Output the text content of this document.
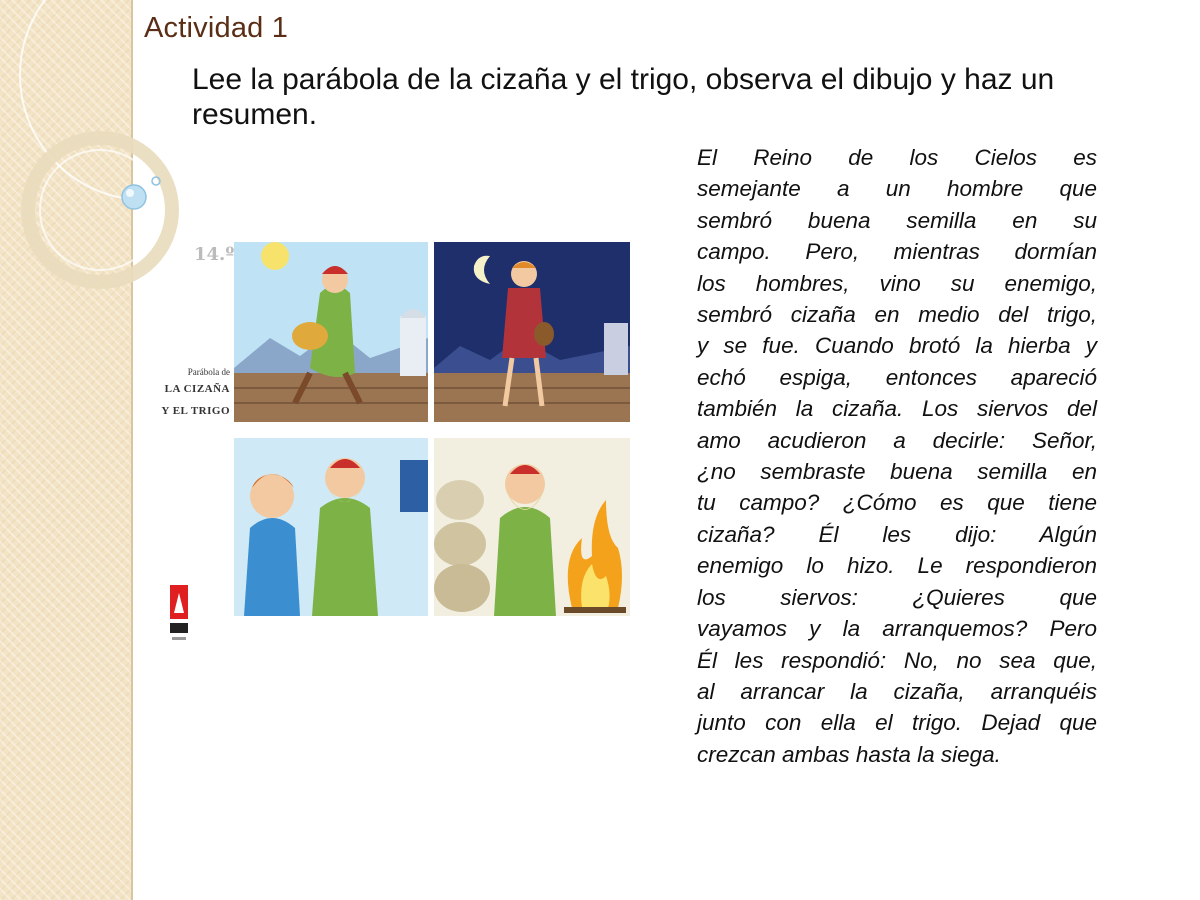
Actividad 1
Lee la parábola de la cizaña y el trigo, observa el dibujo y haz un resumen.
14.º
Parábola de
LA CIZAÑA
Y EL TRIGO
El Reino de los Cielos es
semejante a un hombre que
sembró buena semilla en su
campo. Pero, mientras dormían
los hombres, vino su enemigo,
sembró cizaña en medio del trigo,
y se fue. Cuando brotó la hierba y
echó espiga, entonces apareció
también la cizaña. Los siervos del
amo acudieron a decirle: Señor,
¿no sembraste buena semilla en
tu campo? ¿Cómo es que tiene
cizaña? Él les dijo: Algún
enemigo lo hizo. Le respondieron
los siervos: ¿Quieres que
vayamos y la arranquemos? Pero
Él les respondió: No, no sea que,
al arrancar la cizaña, arranquéis
junto con ella el trigo. Dejad que
crezcan ambas hasta la siega.
